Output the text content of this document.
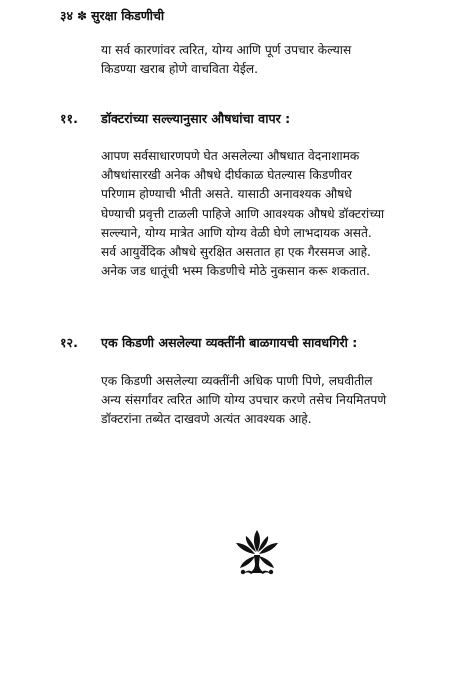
३४ ✽ सुरक्षा किडणीची
या सर्व कारणांवर त्वरित, योग्य आणि पूर्ण उपचार केल्यास
किडण्या खराब होणे वाचविता येईल.
११.	डॉक्टरांच्या सल्ल्यानुसार औषधांचा वापर :
आपण सर्वसाधारणपणे घेत असलेल्या औषधात वेदनाशामक
औषधांसारखी अनेक औषधे दीर्घकाळ घेतल्यास किडणीवर
परिणाम होण्याची भीती असते. यासाठी अनावश्यक औषधे
घेण्याची प्रवृत्ती टाळली पाहिजे आणि आवश्यक औषधे डॉक्टरांच्या
सल्ल्याने, योग्य मात्रेत आणि योग्य वेळी घेणे लाभदायक असते.
सर्व आयुर्वेदिक औषधे सुरक्षित असतात हा एक गैरसमज आहे.
अनेक जड धातूंची भस्म किडणीचे मोठे नुकसान करू शकतात.
१२.	एक किडणी असलेल्या व्यक्तींनी बाळगायची सावधगिरी :
एक किडणी असलेल्या व्यक्तींनी अधिक पाणी पिणे, लघवीतील
अन्य संसर्गांवर त्वरित आणि योग्य उपचार करणे तसेच नियमितपणे
डॉक्टरांना तब्येत दाखवणे अत्यंत आवश्यक आहे.
